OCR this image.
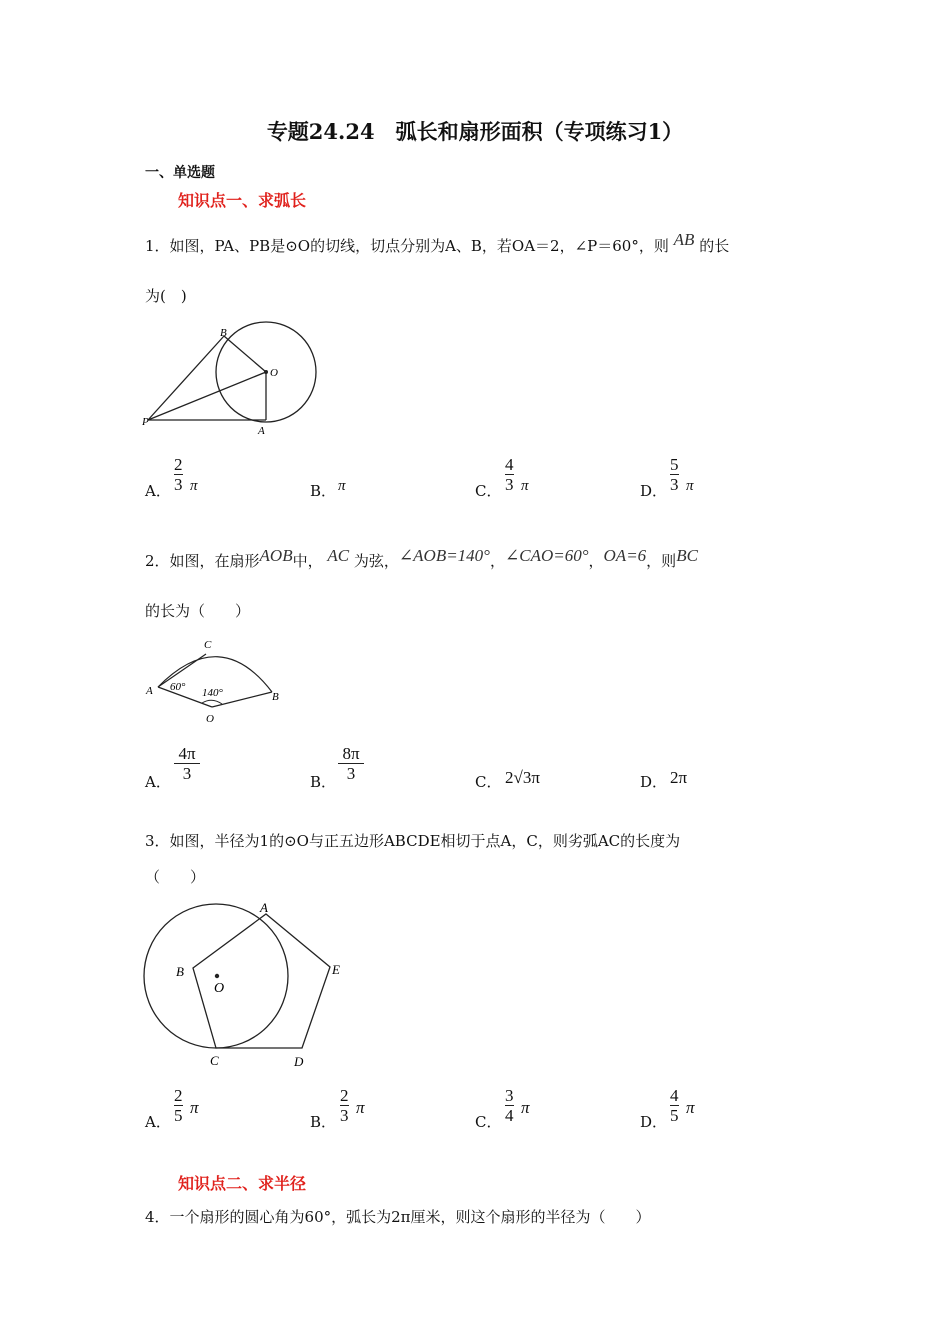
专题24.24　弧长和扇形面积（专项练习1）
一、单选题
知识点一、求弧长
1．如图，PA、PB是⊙O的切线，切点分别为A、B，若OA＝2，∠P＝60°，则 AB 的长
为(　)
B
O
P
A
A． $\frac{2}{3}$ π	B． π	C． $\frac{4}{3}$ π	D． $\frac{5}{3}$ π
2．如图，在扇形AOB中， AC 为弦，∠AOB=140°，∠CAO=60°，OA=6，则BC
的长为（　　）
C
A
O
B
60° 140°
A． $\frac{4\pi}{3}$	B． $\frac{8\pi}{3}$	C． 2√3π	D． 2π
3．如图，半径为1的⊙O与正五边形ABCDE相切于点A，C，则劣弧AC的长度为
（　　）
A
B
O
E
C	D
A． $\frac{2}{5}$ π
B． $\frac{2}{3}$ π
C． $\frac{3}{4}$ π
D． $\frac{4}{5}$ π
知识点二、求半径
4．一个扇形的圆心角为60°，弧长为2π厘米，则这个扇形的半径为（　　）
